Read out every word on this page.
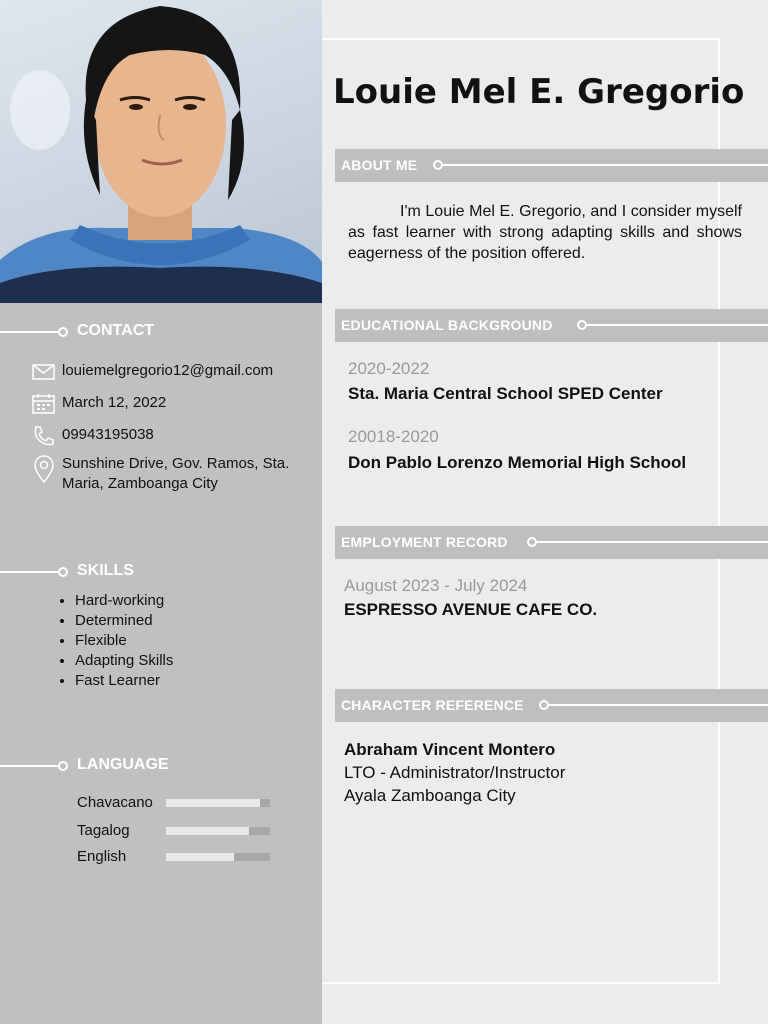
Louie Mel E. Gregorio
ABOUT ME
I'm Louie Mel E. Gregorio, and I consider myself as fast learner with strong adapting skills and shows eagerness of the position offered.
EDUCATIONAL BACKGROUND
2020-2022
Sta. Maria Central School SPED Center
20018-2020
Don Pablo Lorenzo Memorial High School
EMPLOYMENT RECORD
August 2023 - July 2024
ESPRESSO AVENUE CAFE CO.
CHARACTER REFERENCE
Abraham Vincent Montero
LTO - Administrator/Instructor
Ayala Zamboanga City
CONTACT
louiemelgregorio12@gmail.com
March 12, 2022
09943195038
Sunshine Drive, Gov. Ramos, Sta. Maria, Zamboanga City
SKILLS
• Hard-working
• Determined
• Flexible
• Adapting Skills
• Fast Learner
LANGUAGE
Chavacano
Tagalog
English
